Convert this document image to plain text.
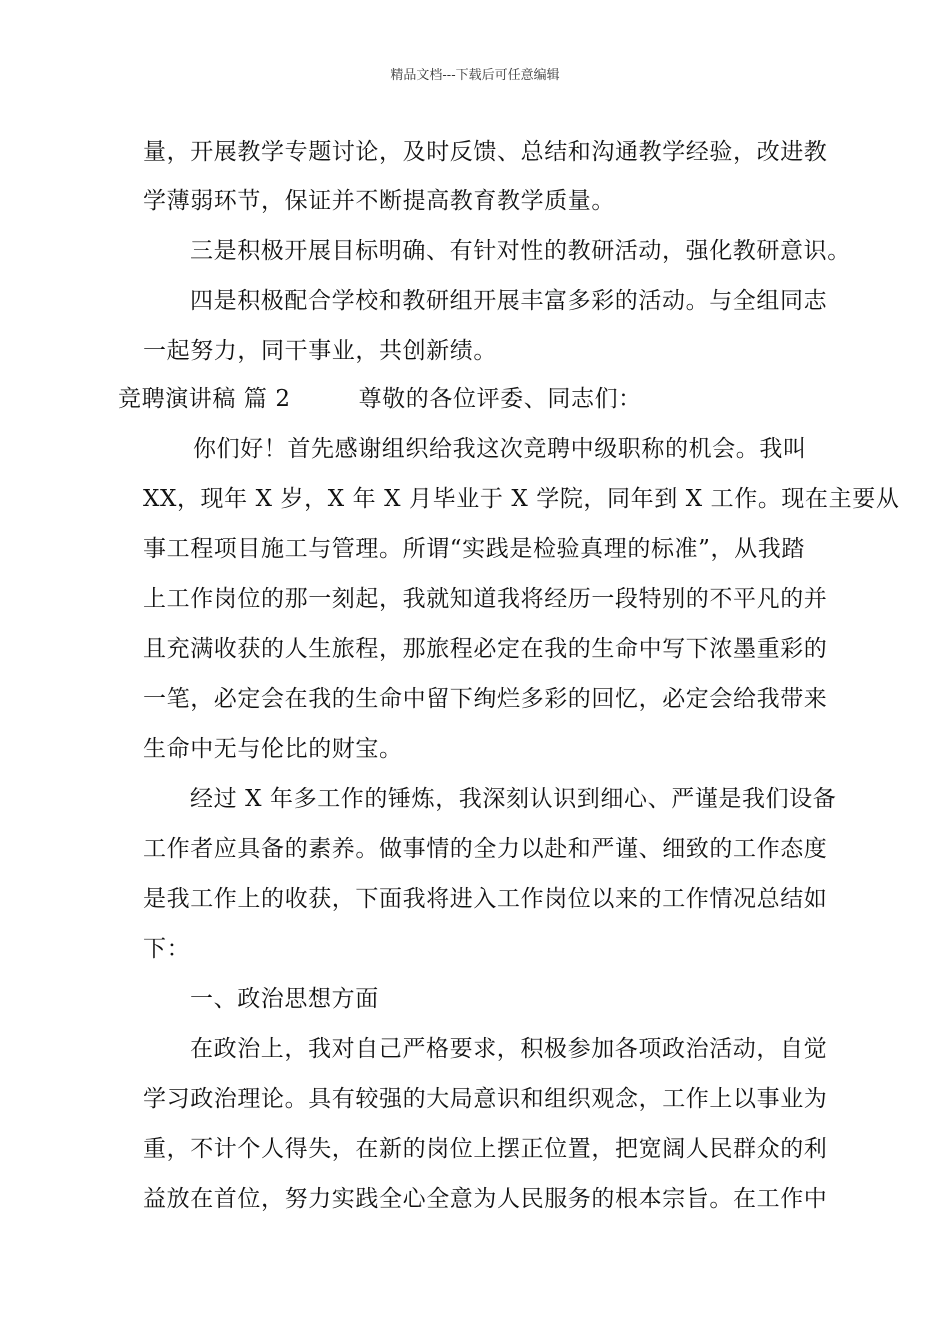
精品文档---下载后可任意编辑
量，开展教学专题讨论，及时反馈、总结和沟通教学经验，改进教
学薄弱环节，保证并不断提高教育教学质量。
三是积极开展目标明确、有针对性的教研活动，强化教研意识。
四是积极配合学校和教研组开展丰富多彩的活动。与全组同志
一起努力，同干事业，共创新绩。
竞聘演讲稿 篇 2	尊敬的各位评委、同志们：
你们好！首先感谢组织给我这次竞聘中级职称的机会。我叫
XX，现年 X 岁，X 年 X 月毕业于 X 学院，同年到 X 工作。现在主要从
事工程项目施工与管理。所谓“实践是检验真理的标准”，从我踏
上工作岗位的那一刻起，我就知道我将经历一段特别的不平凡的并
且充满收获的人生旅程，那旅程必定在我的生命中写下浓墨重彩的
一笔，必定会在我的生命中留下绚烂多彩的回忆，必定会给我带来
生命中无与伦比的财宝。
经过 X 年多工作的锤炼，我深刻认识到细心、严谨是我们设备
工作者应具备的素养。做事情的全力以赴和严谨、细致的工作态度
是我工作上的收获，下面我将进入工作岗位以来的工作情况总结如
下：
一、政治思想方面
在政治上，我对自己严格要求，积极参加各项政治活动，自觉
学习政治理论。具有较强的大局意识和组织观念，工作上以事业为
重，不计个人得失，在新的岗位上摆正位置，把宽阔人民群众的利
益放在首位，努力实践全心全意为人民服务的根本宗旨。在工作中
